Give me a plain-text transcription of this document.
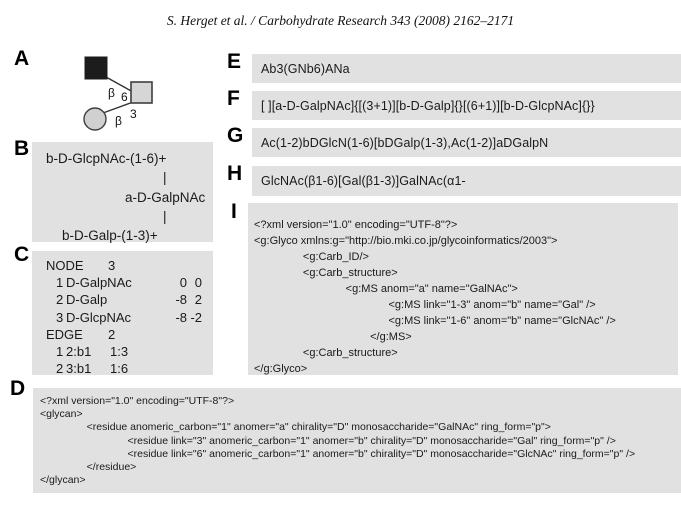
S. Herget et al. / Carbohydrate Research 343 (2008) 2162–2171
A
β 6
β 3
B	b-D-GlcpNAc-(1-6)+
|
a-D-GalpNAc
|
b-D-Galp-(1-3)+
C NODE	3
1 D-GalpNAc	0 0
2 D-Galp	-8 2
3 D-GlcpNAc	-8 -2
EDGE	2
1 2:b1	1:3
2 3:b1	1:6
E Ab3(GNb6)ANa
F [ ][a-D-GalpNAc]{[(3+1)][b-D-Galp]{}[(6+1)][b-D-GlcpNAc]{}}
G Ac(1-2)bDGlcN(1-6)[bDGalp(1-3),Ac(1-2)]aDGalpN
H GlcNAc(β1-6)[Gal(β1-3)]GalNAc(α1-
I
<?xml version="1.0" encoding="UTF-8"?>
<g:Glyco xmlns:g="http://bio.mki.co.jp/glycoinformatics/2003">
<g:Carb_ID/>
<g:Carb_structure>
<g:MS anom="a" name="GalNAc">
<g:MS link="1-3" anom="b" name="Gal" />
<g:MS link="1-6" anom="b" name="GlcNAc" />
</g:MS>
<g:Carb_structure>
</g:Glyco>
D
<?xml version="1.0" encoding="UTF-8"?>
<glycan>
<residue anomeric_carbon="1" anomer="a" chirality="D" monosaccharide="GalNAc" ring_form="p">
<residue link="3" anomeric_carbon="1" anomer="b" chirality="D" monosaccharide="Gal" ring_form="p" />
<residue link="6" anomeric_carbon="1" anomer="b" chirality="D" monosaccharide="GlcNAc" ring_form="p" />
</residue>
</glycan>
